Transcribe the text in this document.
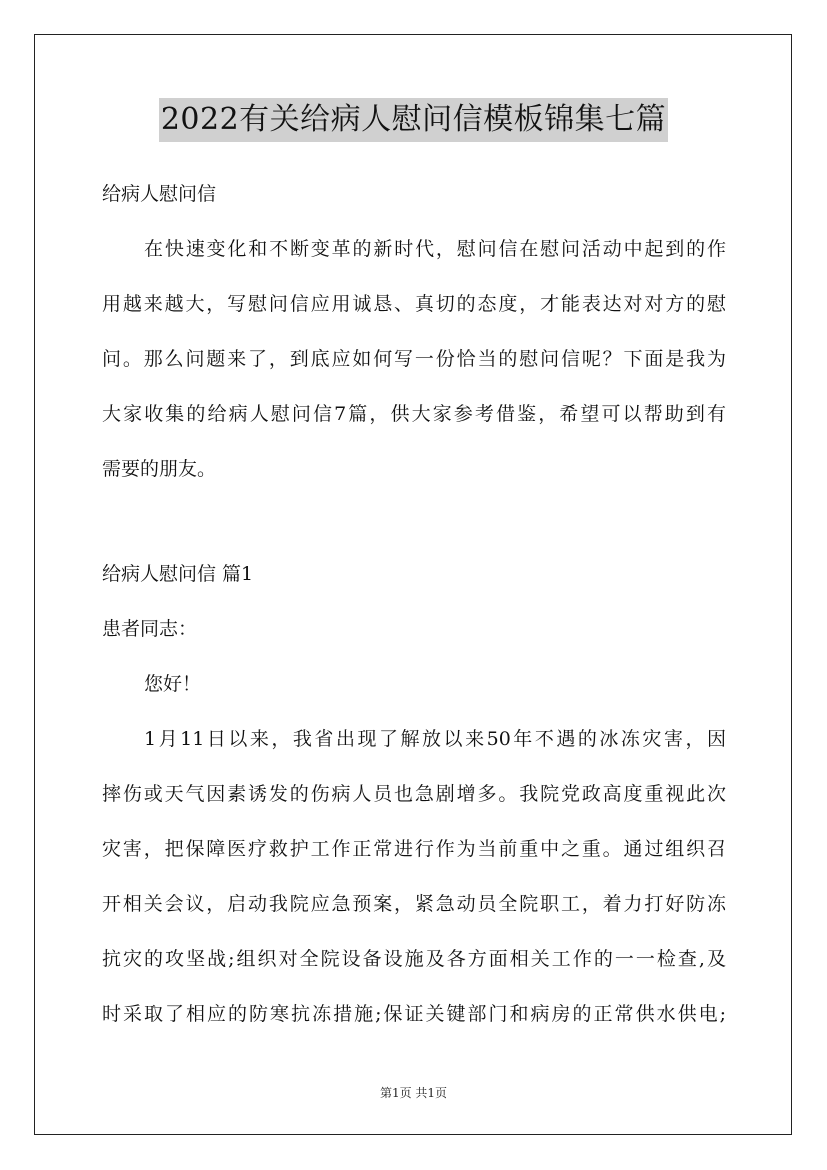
2022有关给病人慰问信模板锦集七篇
给病人慰问信
在快速变化和不断变革的新时代，慰问信在慰问活动中起到的作
用越来越大，写慰问信应用诚恳、真切的态度，才能表达对对方的慰
问。那么问题来了，到底应如何写一份恰当的慰问信呢？下面是我为
大家收集的给病人慰问信7篇，供大家参考借鉴，希望可以帮助到有
需要的朋友。
给病人慰问信 篇1
患者同志：
您好！
1月11日以来，我省出现了解放以来50年不遇的冰冻灾害，因
摔伤或天气因素诱发的伤病人员也急剧增多。我院党政高度重视此次
灾害，把保障医疗救护工作正常进行作为当前重中之重。通过组织召
开相关会议，启动我院应急预案，紧急动员全院职工，着力打好防冻
抗灾的攻坚战;组织对全院设备设施及各方面相关工作的一一检查,及
时采取了相应的防寒抗冻措施;保证关键部门和病房的正常供水供电;
第1页 共1页
